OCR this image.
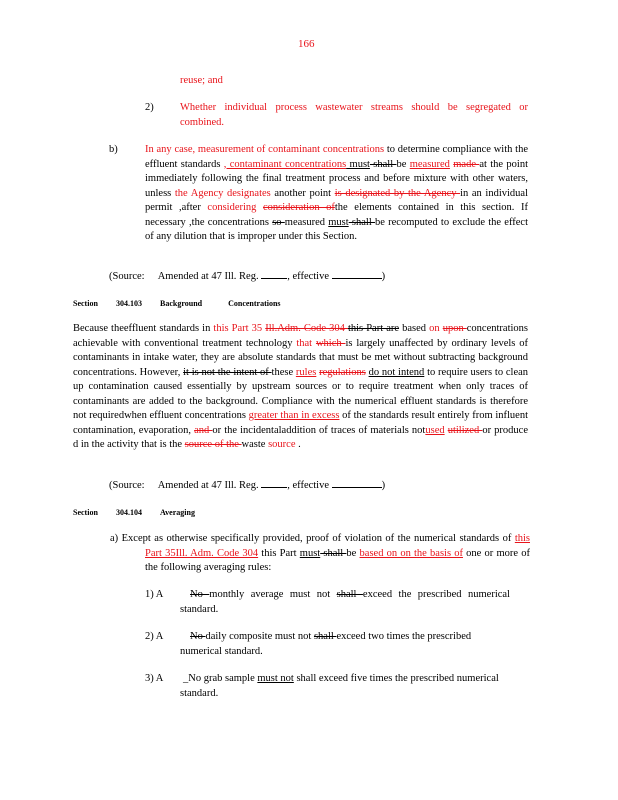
166
reuse; and
2)	Whether individual process wastewater streams should be segregated or combined.
b)	In any case, measurement of contaminant concentrations to determine compliance with the effluent standards , contaminant concentrations must shall be measured made at the point immediately following the final treatment process and before mixture with other waters, unless the Agency designates another point is designated by the Agency in an individual permit ,after considering consideration ofthe elements contained in this section. If necessary ,the concentrations so measured must shall be recomputed to exclude the effect of any dilution that is improper under this Section.
(Source: Amended at 47 Ill. Reg.	, effective	)
Section 304.103 Background Concentrations
Because theeffluent standards in this Part 35 Ill.Adm. Code 304 this Part are based on upon concentrations achievable with conventional treatment technology that which is largely unaffected by ordinary levels of contaminants in intake water, they are absolute standards that must be met without subtracting background concentrations. However, it is not the intent of these rules regulations do not intend to require users to clean up contamination caused essentially by upstream sources or to require treatment when only traces of contaminants are added to the background. Compliance with the numerical effluent standards is therefore not requiredwhen effluent concentrations greater than in excess of the standards result entirely from influent contamination, evaporation, and or the incidentaladdition of traces of materials notused utilized or produce d in the activity that is the source of the waste source .
(Source: Amended at 47 Ill. Reg.	, effective	)
Section 304.104 Averaging
a) Except as otherwise specifically provided, proof of violation of the numerical standards of this Part 35Ill. Adm. Code 304 this Part must shall be based on on the basis of one or more of the following averaging rules:
1) A	No monthly average must not shall exceed the prescribed numerical standard.
2) A	No daily composite must not shall exceed two times the prescribed numerical standard.
3) A _No grab sample must not shall exceed five times the prescribed numerical standard.
